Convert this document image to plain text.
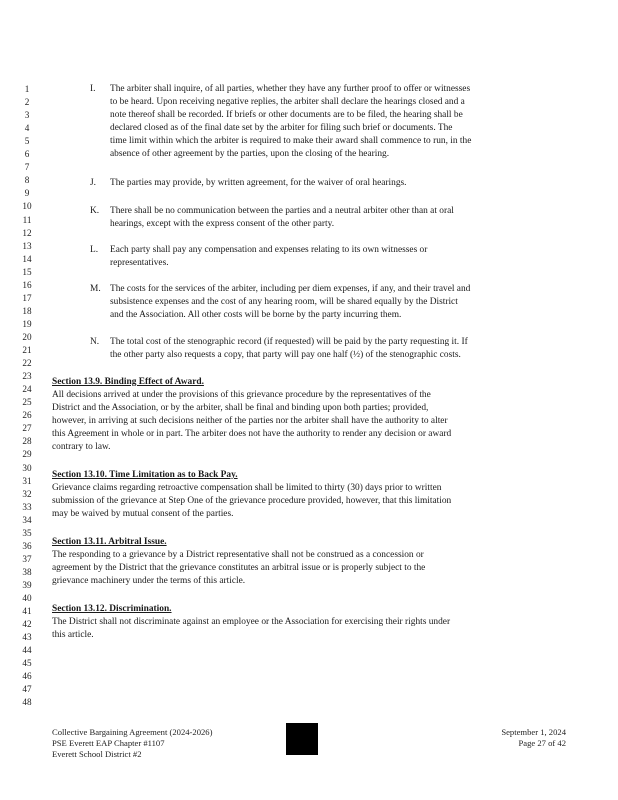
1
2
3
4
5
6
7
8
9
10
11
12
13
14
15
16
17
18
19
20
21
22
23
24
25
26
27
28
29
30
31
32
33
34
35
36
37
38
39
40
41
42
43
44
45
46
47
48
I. The arbiter shall inquire, of all parties, whether they have any further proof to offer or witnesses
to be heard. Upon receiving negative replies, the arbiter shall declare the hearings closed and a
note thereof shall be recorded. If briefs or other documents are to be filed, the hearing shall be
declared closed as of the final date set by the arbiter for filing such brief or documents. The
time limit within which the arbiter is required to make their award shall commence to run, in the
absence of other agreement by the parties, upon the closing of the hearing.
J. The parties may provide, by written agreement, for the waiver of oral hearings.
K. There shall be no communication between the parties and a neutral arbiter other than at oral
hearings, except with the express consent of the other party.
L. Each party shall pay any compensation and expenses relating to its own witnesses or
representatives.
M. The costs for the services of the arbiter, including per diem expenses, if any, and their travel and
subsistence expenses and the cost of any hearing room, will be shared equally by the District
and the Association. All other costs will be borne by the party incurring them.
N. The total cost of the stenographic record (if requested) will be paid by the party requesting it. If
the other party also requests a copy, that party will pay one half (½) of the stenographic costs.
Section 13.9. Binding Effect of Award.
All decisions arrived at under the provisions of this grievance procedure by the representatives of the
District and the Association, or by the arbiter, shall be final and binding upon both parties; provided,
however, in arriving at such decisions neither of the parties nor the arbiter shall have the authority to alter
this Agreement in whole or in part. The arbiter does not have the authority to render any decision or award
contrary to law.
Section 13.10. Time Limitation as to Back Pay.
Grievance claims regarding retroactive compensation shall be limited to thirty (30) days prior to written
submission of the grievance at Step One of the grievance procedure provided, however, that this limitation
may be waived by mutual consent of the parties.
Section 13.11. Arbitral Issue.
The responding to a grievance by a District representative shall not be construed as a concession or
agreement by the District that the grievance constitutes an arbitral issue or is properly subject to the
grievance machinery under the terms of this article.
Section 13.12. Discrimination.
The District shall not discriminate against an employee or the Association for exercising their rights under
this article.
Collective Bargaining Agreement (2024-2026)
PSE Everett EAP Chapter #1107
Everett School District #2
September 1, 2024
Page 27 of 42
